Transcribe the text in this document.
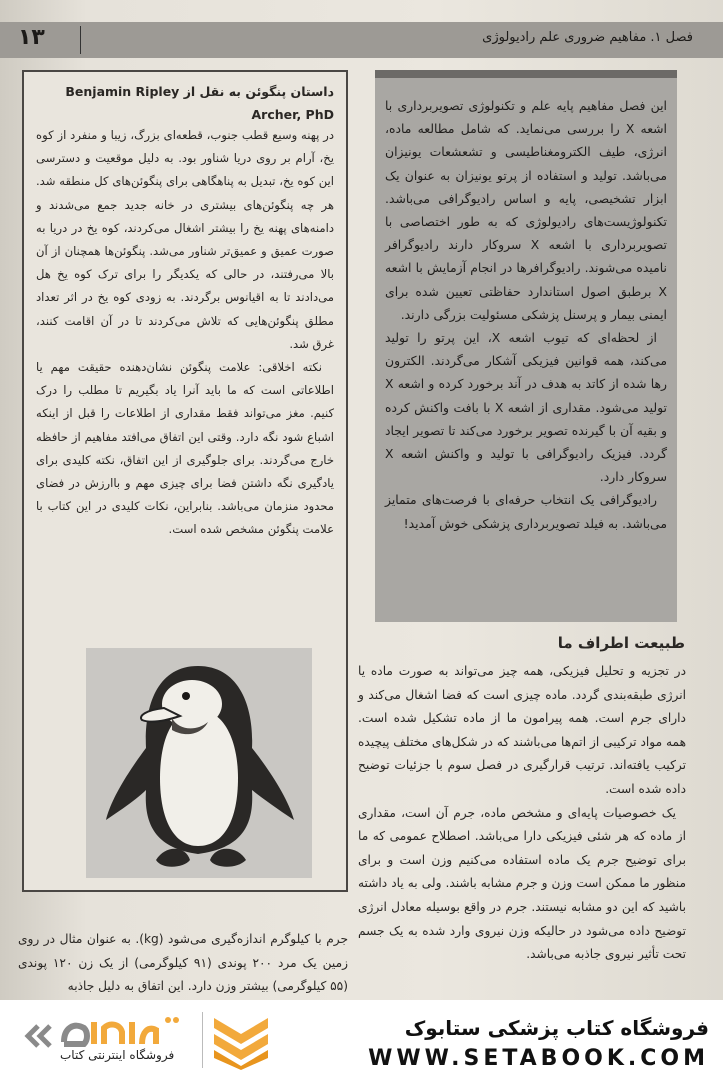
۱۳	فصل ۱. مفاهیم ضروری علم رادیولوژی
داستان پنگوئن به نقل از Benjamin Ripley Archer, PhD

در پهنه وسیع قطب جنوب، قطعه‌ای بزرگ، زیبا و منفرد از کوه یخ، آرام بر روی دریا شناور بود. به دلیل موقعیت و دسترسی این کوه یخ، تبدیل به پناهگاهی برای پنگوئن‌های کل منطقه شد. هر چه پنگوئن‌های بیشتری در خانه جدید جمع می‌شدند و دامنه‌های پهنه یخ را بیشتر اشغال می‌کردند، کوه یخ در دریا به صورت عمیق و عمیق‌تر شناور می‌شد. پنگوئن‌ها همچنان از آن بالا می‌رفتند، در حالی که یکدیگر را برای ترک کوه یخ هل می‌دادند تا به اقیانوس برگردند. به زودی کوه یخ در اثر تعداد مطلق پنگوئن‌هایی که تلاش می‌کردند تا در آن اقامت کنند، غرق شد.

نکته اخلاقی: علامت پنگوئن نشان‌دهنده حقیقت مهم یا اطلاعاتی است که ما باید آنرا یاد بگیریم تا مطلب را درک کنیم. مغز می‌تواند فقط مقداری از اطلاعات را قبل از اینکه اشباع شود نگه دارد. وقتی این اتفاق می‌افتد مفاهیم از حافظه خارج می‌گردند. برای جلوگیری از این اتفاق، نکته کلیدی برای یادگیری نگه داشتن فضا برای چیزی مهم و باارزش در فضای محدود منزمان می‌باشد. بنابراین، نکات کلیدی در این کتاب با علامت پنگوئن مشخص شده است.

این فصل مفاهیم پایه علم و تکنولوژی تصویربرداری با اشعه X را بررسی می‌نماید. که شامل مطالعه ماده، انرژی، طیف الکترومغناطیسی و تشعشعات یونیزان می‌باشد. تولید و استفاده از پرتو یونیزان به عنوان یک ابزار تشخیصی، پایه و اساس رادیوگرافی می‌باشد. تکنولوژیست‌های رادیولوژی که به طور اختصاصی با تصویربرداری با اشعه X سروکار دارند رادیوگرافر نامیده می‌شوند. رادیوگرافرها در انجام آزمایش با اشعه X برطبق اصول استاندارد حفاظتی تعیین شده برای ایمنی بیمار و پرسنل پزشکی مسئولیت بزرگی دارند.

از لحظه‌ای که تیوب اشعه X، این پرتو را تولید می‌کند، همه قوانین فیزیکی آشکار می‌گردند. الکترون رها شده از کاتد به هدف در آند برخورد کرده و اشعه X تولید می‌شود. مقداری از اشعه X با بافت واکنش کرده و بقیه آن با گیرنده تصویر برخورد می‌کند تا تصویر ایجاد گردد. فیزیک رادیوگرافی با تولید و واکنش اشعه X سروکار دارد.

رادیوگرافی یک انتخاب حرفه‌ای با فرصت‌های متمایز می‌باشد. به فیلد تصویربرداری پزشکی خوش آمدید!

طبیعت اطراف ما

در تجزیه و تحلیل فیزیکی، همه چیز می‌تواند به صورت ماده یا انرژی طبقه‌بندی گردد. ماده چیزی است که فضا اشغال می‌کند و دارای جرم است. همه پیرامون ما از ماده تشکیل شده است. همه مواد ترکیبی از اتم‌ها می‌باشند که در شکل‌های مختلف پیچیده ترکیب یافته‌اند. ترتیب قرارگیری در فصل سوم با جزئیات توضیح داده شده است.

یک خصوصیات پایه‌ای و مشخص ماده، جرم آن است، مقداری از ماده که هر شئی فیزیکی دارا می‌باشد. اصطلاح عمومی که ما برای توضیح جرم یک ماده استفاده می‌کنیم وزن است و برای منظور ما ممکن است وزن و جرم مشابه باشند. ولی به یاد داشته باشید که این دو مشابه نیستند. جرم در واقع بوسیله معادل انرژی توضیح داده می‌شود در حالیکه وزن نیروی وارد شده به یک جسم تحت تأثیر نیروی جاذبه می‌باشد.

جرم با کیلوگرم اندازه‌گیری می‌شود (kg). به عنوان مثال در روی زمین یک مرد ۲۰۰ پوندی (۹۱ کیلوگرمی) از یک زن ۱۲۰ پوندی (۵۵ کیلوگرمی) بیشتر وزن دارد. این اتفاق به دلیل جاذبه

فروشگاه کتاب پزشکی ستابوک
WWW.SETABOOK.COM
فروشگاه اینترنتی کتاب
